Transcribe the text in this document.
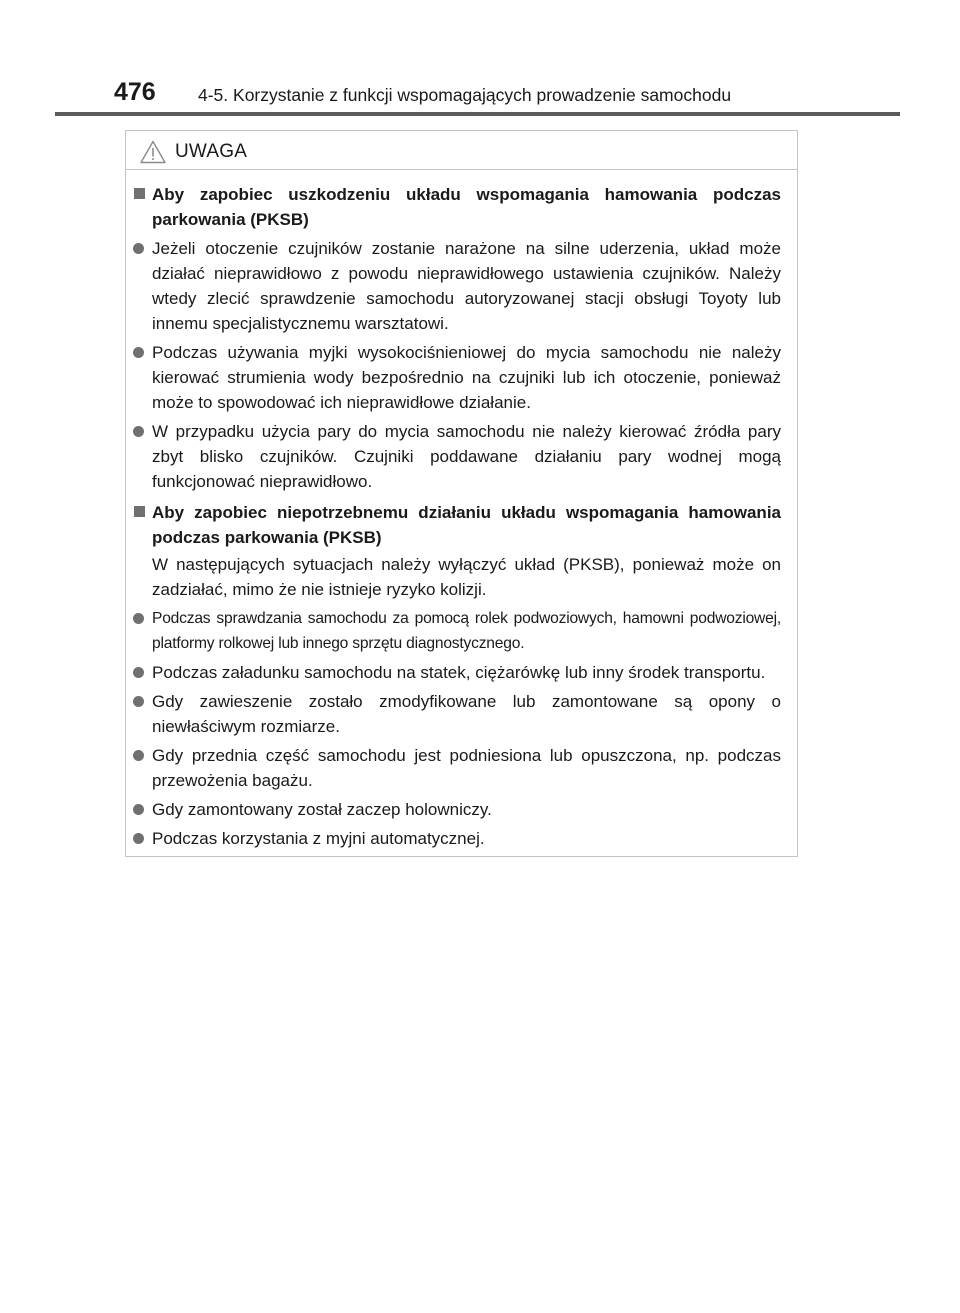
476 4-5. Korzystanie z funkcji wspomagających prowadzenie samochodu
UWAGA
Aby zapobiec uszkodzeniu układu wspomagania hamowania podczas parkowania (PKSB)
Jeżeli otoczenie czujników zostanie narażone na silne uderzenia, układ może działać nieprawidłowo z powodu nieprawidłowego ustawienia czujników. Należy wtedy zlecić sprawdzenie samochodu autoryzowanej stacji obsługi Toyoty lub innemu specjalistycznemu warsztatowi.
Podczas używania myjki wysokociśnieniowej do mycia samochodu nie należy kierować strumienia wody bezpośrednio na czujniki lub ich otoczenie, ponieważ może to spowodować ich nieprawidłowe działanie.
W przypadku użycia pary do mycia samochodu nie należy kierować źródła pary zbyt blisko czujników. Czujniki poddawane działaniu pary wodnej mogą funkcjonować nieprawidłowo.
Aby zapobiec niepotrzebnemu działaniu układu wspomagania hamowania podczas parkowania (PKSB)
W następujących sytuacjach należy wyłączyć układ (PKSB), ponieważ może on zadziałać, mimo że nie istnieje ryzyko kolizji.
Podczas sprawdzania samochodu za pomocą rolek podwoziowych, hamowni podwoziowej, platformy rolkowej lub innego sprzętu diagnostycznego.
Podczas załadunku samochodu na statek, ciężarówkę lub inny środek transportu.
Gdy zawieszenie zostało zmodyfikowane lub zamontowane są opony o niewłaściwym rozmiarze.
Gdy przednia część samochodu jest podniesiona lub opuszczona, np. podczas przewożenia bagażu.
Gdy zamontowany został zaczep holowniczy.
Podczas korzystania z myjni automatycznej.
